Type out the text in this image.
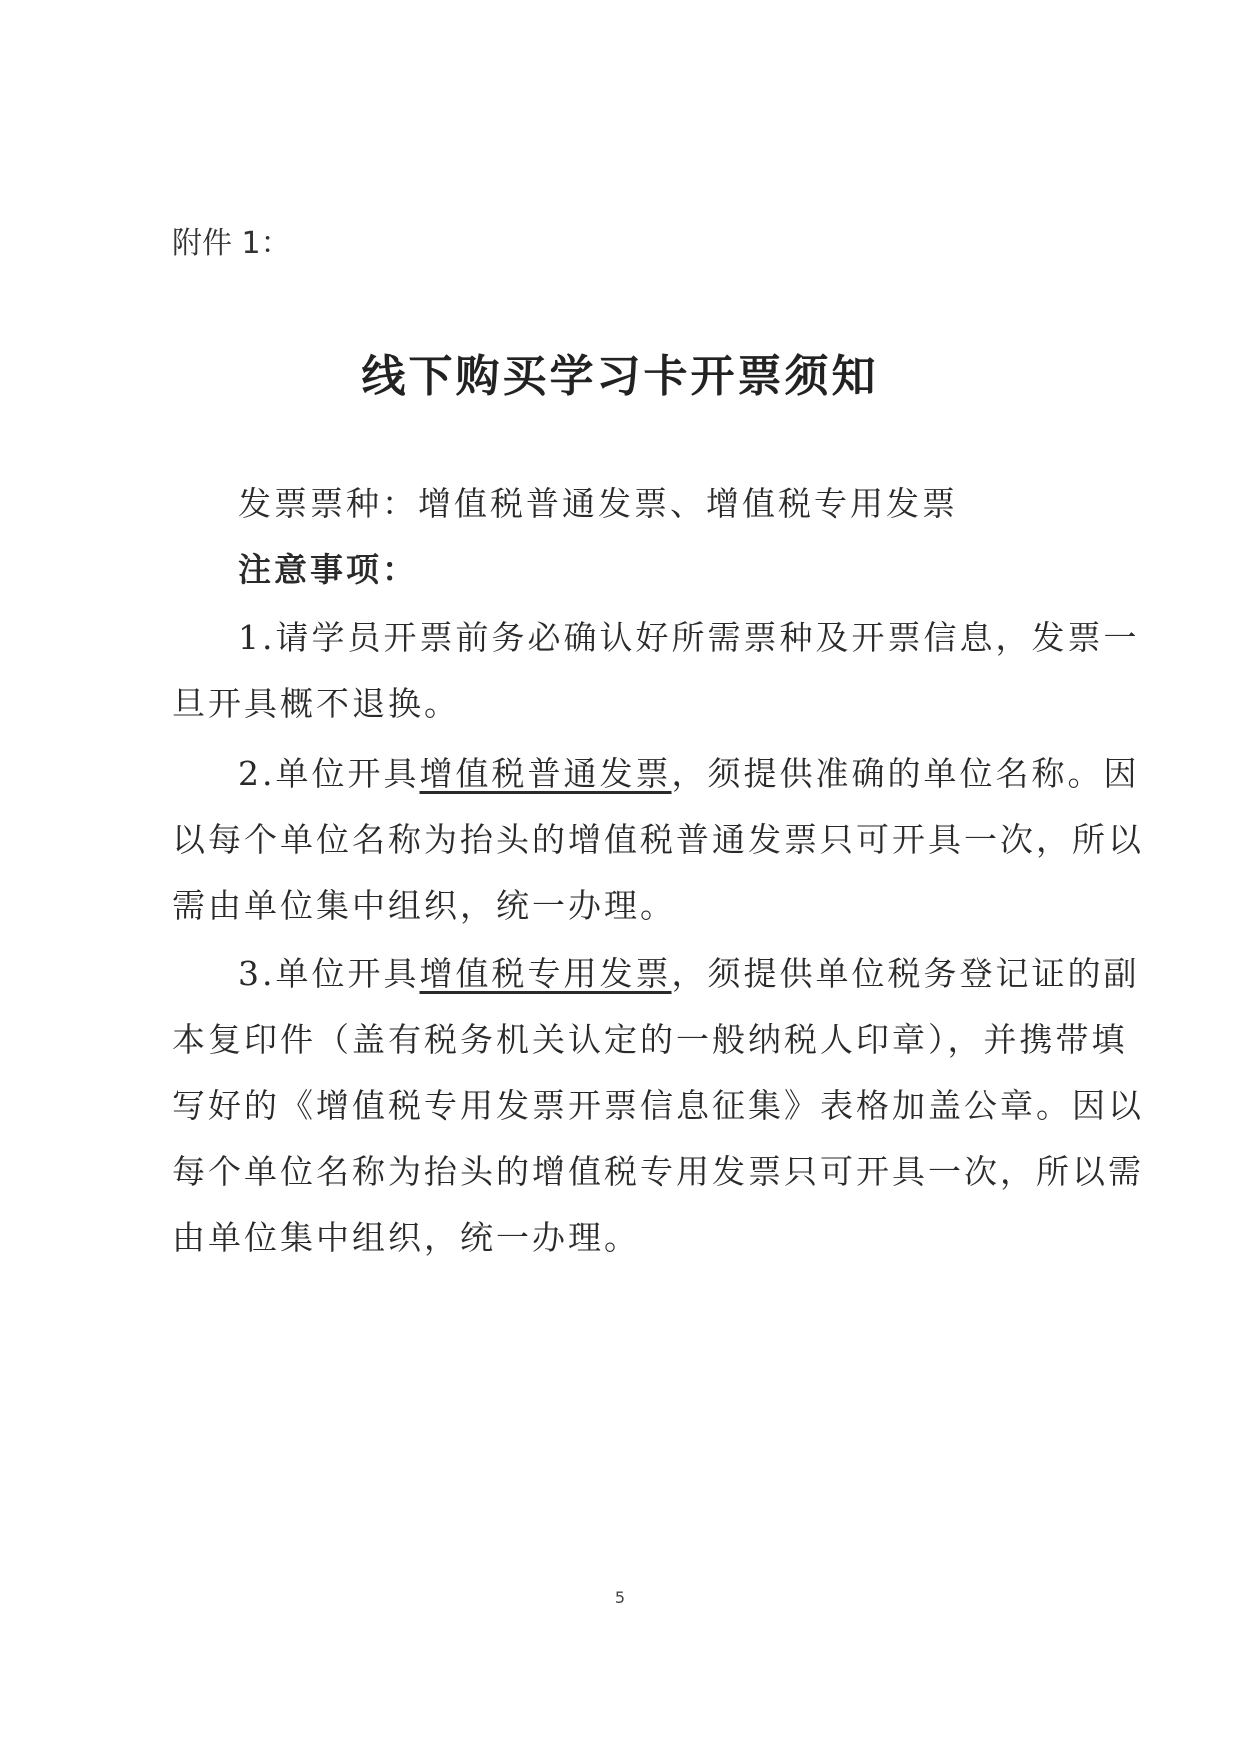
附件 1：
线下购买学习卡开票须知
发票票种：增值税普通发票、增值税专用发票
注意事项：
1.请学员开票前务必确认好所需票种及开票信息，发票一
旦开具概不退换。
2.单位开具增值税普通发票，须提供准确的单位名称。因
以每个单位名称为抬头的增值税普通发票只可开具一次，所以
需由单位集中组织，统一办理。
3.单位开具增值税专用发票，须提供单位税务登记证的副
本复印件（盖有税务机关认定的一般纳税人印章），并携带填
写好的《增值税专用发票开票信息征集》表格加盖公章。因以
每个单位名称为抬头的增值税专用发票只可开具一次，所以需
由单位集中组织，统一办理。
5
